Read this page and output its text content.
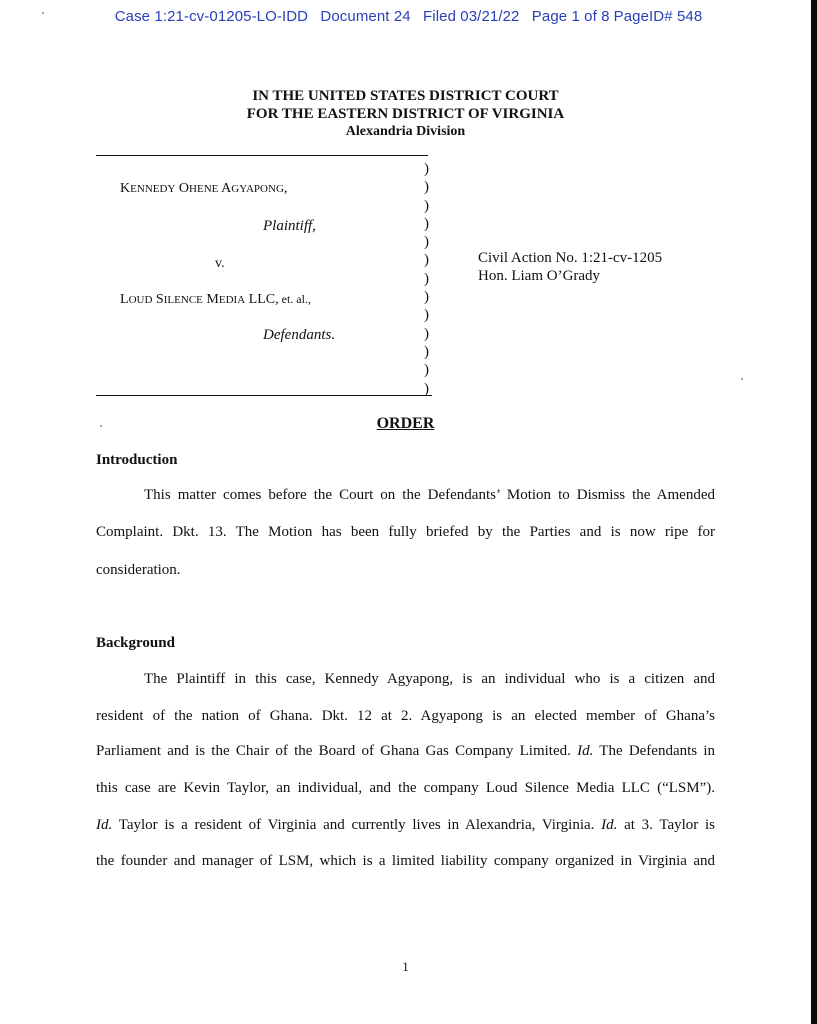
Case 1:21-cv-01205-LO-IDD Document 24 Filed 03/21/22 Page 1 of 8 PageID# 548
IN THE UNITED STATES DISTRICT COURT
FOR THE EASTERN DISTRICT OF VIRGINIA
Alexandria Division
)
)
)
)
)
)
)
)
)
)
)
)
)
KENNEDY OHENE AGYAPONG,
Plaintiff,
v.
LOUD SILENCE MEDIA LLC, et. al.,
Defendants.
Civil Action No. 1:21-cv-1205
Hon. Liam O’Grady
ORDER
Introduction
This matter comes before the Court on the Defendants’ Motion to Dismiss the Amended
Complaint. Dkt. 13. The Motion has been fully briefed by the Parties and is now ripe for
consideration.
Background
The Plaintiff in this case, Kennedy Agyapong, is an individual who is a citizen and
resident of the nation of Ghana. Dkt. 12 at 2. Agyapong is an elected member of Ghana’s
Parliament and is the Chair of the Board of Ghana Gas Company Limited. Id. The Defendants in
this case are Kevin Taylor, an individual, and the company Loud Silence Media LLC (“LSM”).
Id. Taylor is a resident of Virginia and currently lives in Alexandria, Virginia. Id. at 3. Taylor is
the founder and manager of LSM, which is a limited liability company organized in Virginia and
1
